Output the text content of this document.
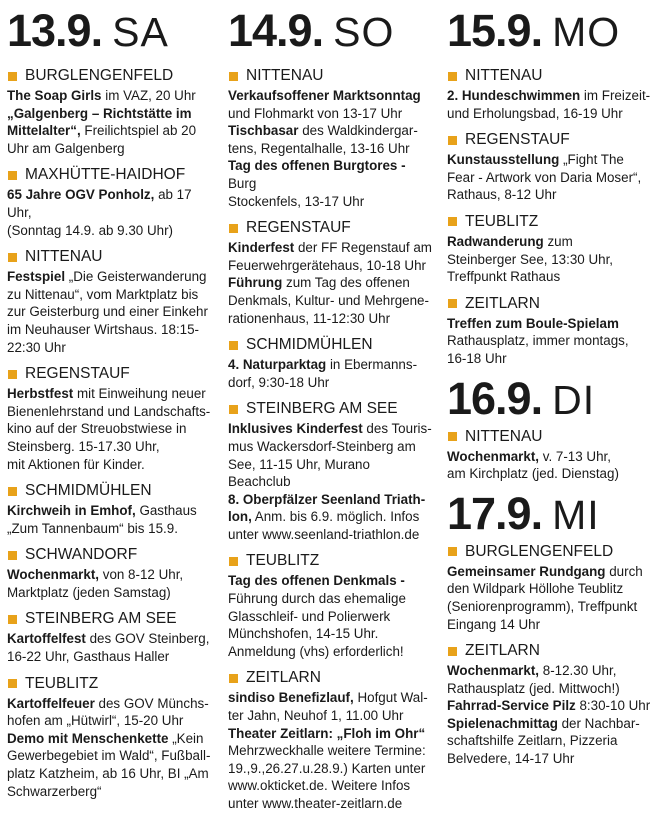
13.9. SA
BURGLENGENFELD
The Soap Girls im VAZ, 20 Uhr
„Galgenberg – Richtstätte im
Mittelalter“, Freilichtspiel ab 20
Uhr am Galgenberg
MAXHÜTTE-HAIDHOF
65 Jahre OGV Ponholz, ab 17 Uhr,
(Sonntag 14.9. ab 9.30 Uhr)
NITTENAU
Festspiel „Die Geisterwanderung
zu Nittenau“, vom Marktplatz bis
zur Geisterburg und einer Einkehr
im Neuhauser Wirtshaus. 18:15-
22:30 Uhr
REGENSTAUF
Herbstfest mit Einweihung neuer
Bienenlehrstand und Landschafts-
kino auf der Streuobstwiese in
Steinsberg. 15-17.30 Uhr,
mit Aktionen für Kinder.
SCHMIDMÜHLEN
Kirchweih in Emhof, Gasthaus
„Zum Tannenbaum“ bis 15.9.
SCHWANDORF
Wochenmarkt, von 8-12 Uhr,
Marktplatz (jeden Samstag)
STEINBERG AM SEE
Kartoffelfest des GOV Steinberg,
16-22 Uhr, Gasthaus Haller
TEUBLITZ
Kartoffelfeuer des GOV Münchs-
hofen am „Hütwirl“, 15-20 Uhr
Demo mit Menschenkette „Kein
Gewerbegebiet im Wald“, Fußball-
platz Katzheim, ab 16 Uhr, BI „Am
Schwarzerberg“
14.9. SO
NITTENAU
Verkaufsoffener Marktsonntag
und Flohmarkt von 13-17 Uhr
Tischbasar des Waldkindergar-
tens, Regentalhalle, 13-16 Uhr
Tag des offenen Burgtores - Burg
Stockenfels, 13-17 Uhr
REGENSTAUF
Kinderfest der FF Regenstauf am
Feuerwehrgerätehaus, 10-18 Uhr
Führung zum Tag des offenen
Denkmals, Kultur- und Mehrgene-
rationenhaus, 11-12:30 Uhr
SCHMIDMÜHLEN
4. Naturparktag in Ebermanns-
dorf, 9:30-18 Uhr
STEINBERG AM SEE
Inklusives Kinderfest des Touris-
mus Wackersdorf-Steinberg am
See, 11-15 Uhr, Murano Beachclub
8. Oberpfälzer Seenland Triath-
lon, Anm. bis 6.9. möglich. Infos
unter www.seenland-triathlon.de
TEUBLITZ
Tag des offenen Denkmals -
Führung durch das ehemalige
Glasschleif- und Polierwerk
Münchshofen, 14-15 Uhr.
Anmeldung (vhs) erforderlich!
ZEITLARN
sindiso Benefizlauf, Hofgut Wal-
ter Jahn, Neuhof 1, 11.00 Uhr
Theater Zeitlarn: „Floh im Ohr“
Mehrzweckhalle weitere Termine:
19.,9.,26.27.u.28.9.) Karten unter
www.okticket.de. Weitere Infos
unter www.theater-zeitlarn.de
15.9. MO
NITTENAU
2. Hundeschwimmen im Freizeit-
und Erholungsbad, 16-19 Uhr
REGENSTAUF
Kunstausstellung „Fight The
Fear - Artwork von Daria Moser“,
Rathaus, 8-12 Uhr
TEUBLITZ
Radwanderung zum
Steinberger See, 13:30 Uhr,
Treffpunkt Rathaus
ZEITLARN
Treffen zum Boule-Spielam
Rathausplatz, immer montags,
16-18 Uhr
16.9. DI
NITTENAU
Wochenmarkt, v. 7-13 Uhr,
am Kirchplatz (jed. Dienstag)
17.9. MI
BURGLENGENFELD
Gemeinsamer Rundgang durch
den Wildpark Höllohe Teublitz
(Seniorenprogramm), Treffpunkt
Eingang 14 Uhr
ZEITLARN
Wochenmarkt, 8-12.30 Uhr,
Rathausplatz (jed. Mittwoch!)
Fahrrad-Service Pilz 8:30-10 Uhr
Spielenachmittag der Nachbar-
schaftshilfe Zeitlarn, Pizzeria
Belvedere, 14-17 Uhr
